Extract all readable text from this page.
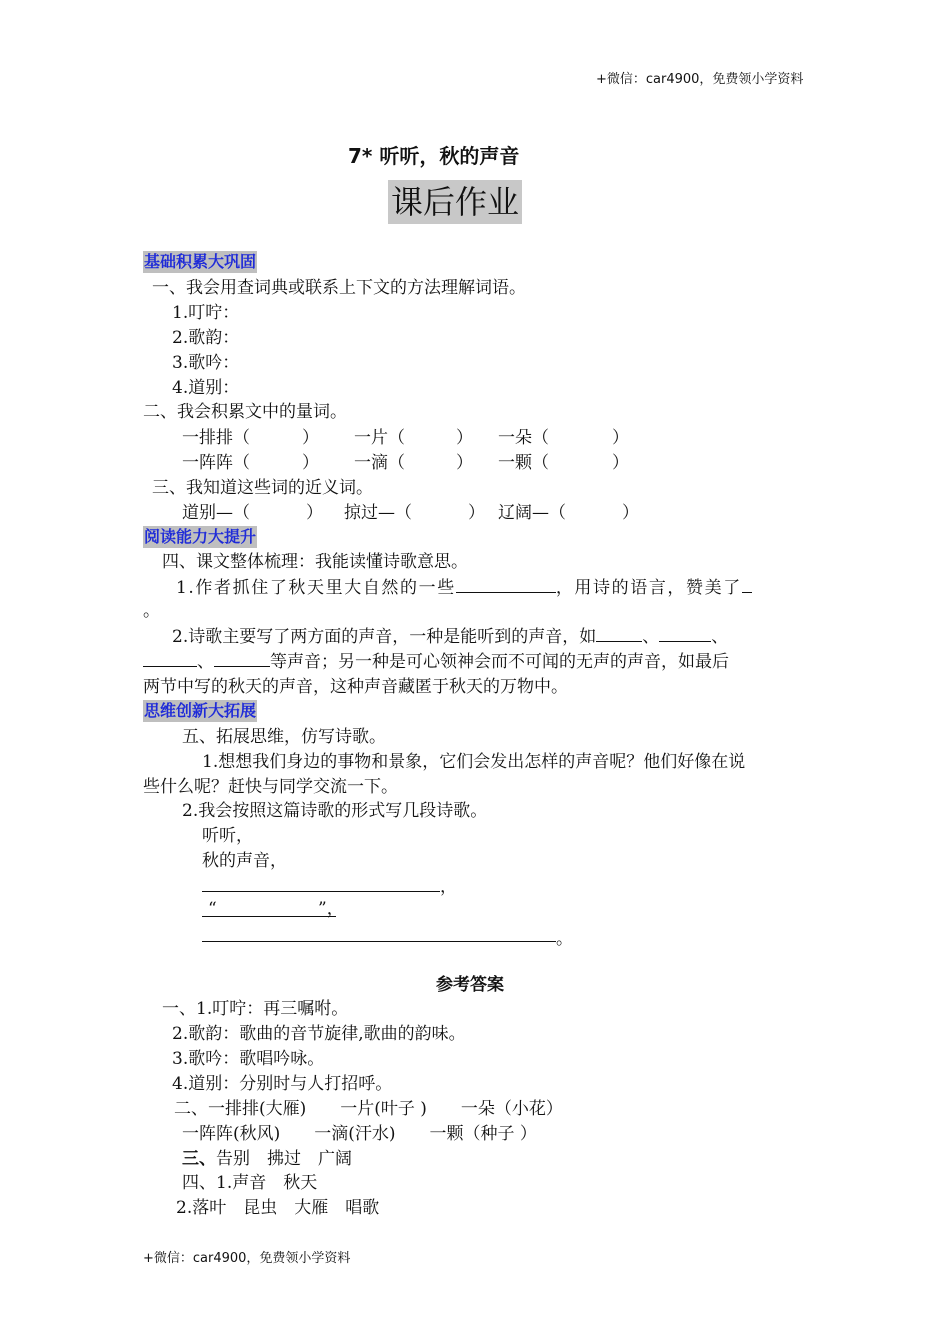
+微信：car4900，免费领小学资料
7* 听听，秋的声音
课后作业
基础积累大巩固
一、我会用查词典或联系上下文的方法理解词语。
1.叮咛：
2.歌韵：
3.歌吟：
4.道别：
二、我会积累文中的量词。
一排排（	） 一片（	） 一朵（	）
一阵阵（	） 一滴（	） 一颗（	）
三、我知道这些词的近义词。
道别—（	） 掠过—（	） 辽阔—（	）
阅读能力大提升
四、课文整体梳理：我能读懂诗歌意思。
1.作者抓住了秋天里大自然的一些	，用诗的语言，赞美了
。
2.诗歌主要写了两方面的声音，一种是能听到的声音，如	、	、
、	等声音；另一种是可心领神会而不可闻的无声的声音，如最后
两节中写的秋天的声音，这种声音藏匿于秋天的万物中。
思维创新大拓展
五、拓展思维，仿写诗歌。
1.想想我们身边的事物和景象，它们会发出怎样的声音呢？他们好像在说
些什么呢？赶快与同学交流一下。
2.我会按照这篇诗歌的形式写几段诗歌。
听听，
秋的声音，
，
“	”，
。
参考答案
一、1.叮咛：再三嘱咐。
2.歌韵：歌曲的音节旋律,歌曲的韵味。
3.歌吟：歌唱吟咏。
4.道别：分别时与人打招呼。
二、一排排(大雁)　　一片(叶子 )　　一朵（小花）
一阵阵(秋风)　　一滴(汗水)　　一颗（种子 ）
三、告别　拂过　广阔
四、1.声音　秋天
2.落叶　昆虫　大雁　唱歌
+微信：car4900，免费领小学资料
